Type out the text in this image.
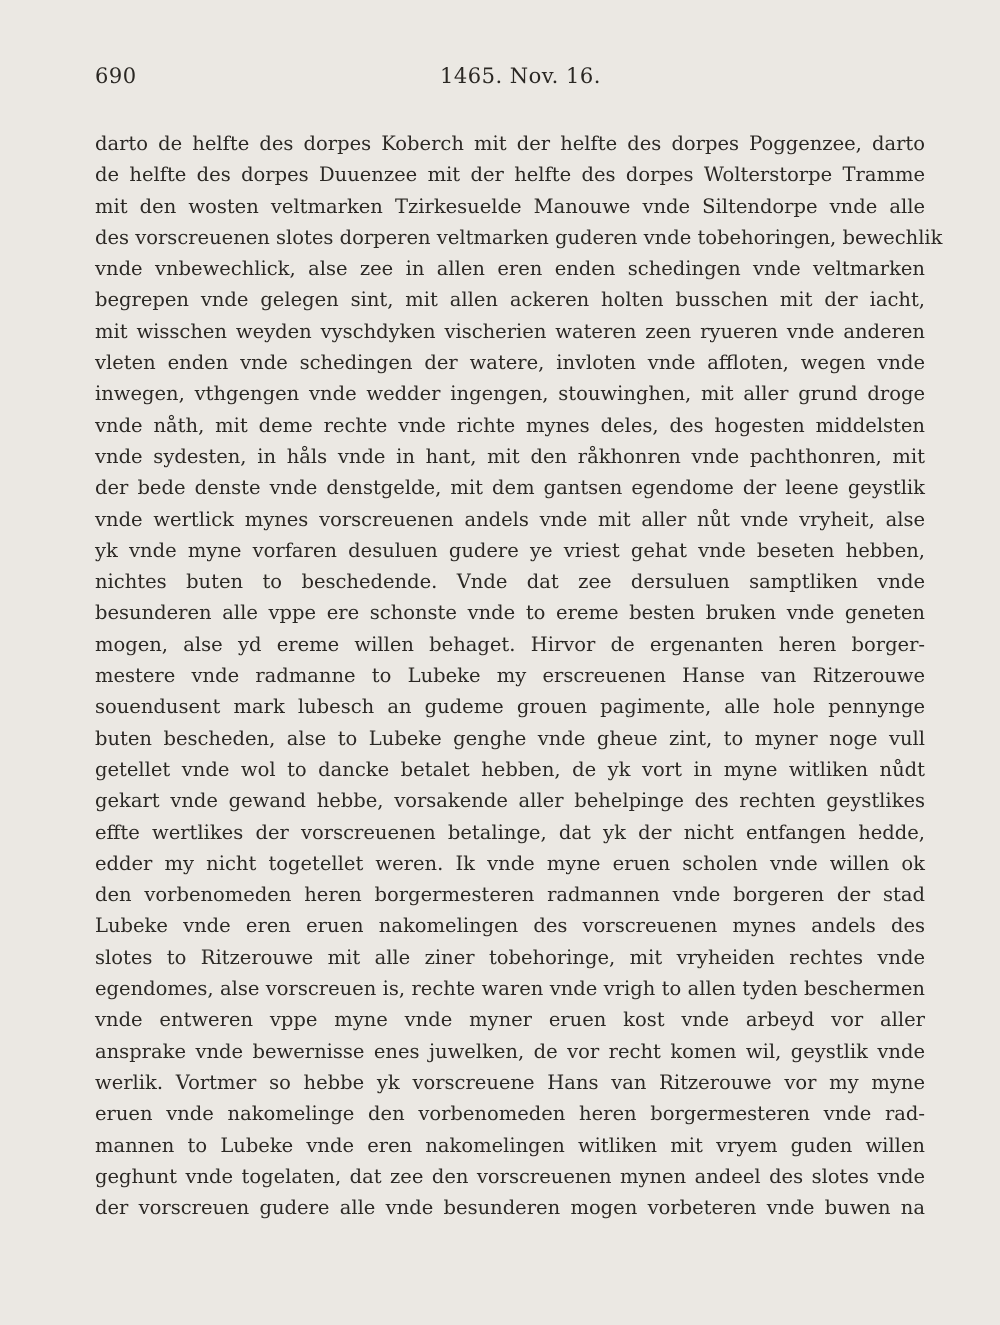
690	1465. Nov. 16.
darto de helfte des dorpes Koberch mit der helfte des dorpes Poggenzee, darto
de helfte des dorpes Duuenzee mit der helfte des dorpes Wolterstorpe Tramme
mit den wosten veltmarken Tzirkesuelde Manouwe vnde Siltendorpe vnde alle
des vorscreuenen slotes dorperen veltmarken guderen vnde tobehoringen, bewechlik
vnde vnbewechlick, alse zee in allen eren enden schedingen vnde veltmarken
begrepen vnde gelegen sint, mit allen ackeren holten busschen mit der iacht,
mit wisschen weyden vyschdyken vischerien wateren zeen ryueren vnde anderen
vleten enden vnde schedingen der watere, invloten vnde affloten, wegen vnde
inwegen, vthgengen vnde wedder ingengen, stouwinghen, mit aller grund droge
vnde nåth, mit deme rechte vnde richte mynes deles, des hogesten middelsten
vnde sydesten, in håls vnde in hant, mit den råkhonren vnde pachthonren, mit
der bede denste vnde denstgelde, mit dem gantsen egendome der leene geystlik
vnde wertlick mynes vorscreuenen andels vnde mit aller nůt vnde vryheit, alse
yk vnde myne vorfaren desuluen gudere ye vriest gehat vnde beseten hebben,
nichtes buten to beschedende. Vnde dat zee dersuluen samptliken vnde
besunderen alle vppe ere schonste vnde to ereme besten bruken vnde geneten
mogen, alse yd ereme willen behaget. Hirvor de ergenanten heren borger-
mestere vnde radmanne to Lubeke my erscreuenen Hanse van Ritzerouwe
souendusent mark lubesch an gudeme grouen pagimente, alle hole pennynge
buten bescheden, alse to Lubeke genghe vnde gheue zint, to myner noge vull
getellet vnde wol to dancke betalet hebben, de yk vort in myne witliken nůdt
gekart vnde gewand hebbe, vorsakende aller behelpinge des rechten geystlikes
effte wertlikes der vorscreuenen betalinge, dat yk der nicht entfangen hedde,
edder my nicht togetellet weren. Ik vnde myne eruen scholen vnde willen ok
den vorbenomeden heren borgermesteren radmannen vnde borgeren der stad
Lubeke vnde eren eruen nakomelingen des vorscreuenen mynes andels des
slotes to Ritzerouwe mit alle ziner tobehoringe, mit vryheiden rechtes vnde
egendomes, alse vorscreuen is, rechte waren vnde vrigh to allen tyden beschermen
vnde entweren vppe myne vnde myner eruen kost vnde arbeyd vor aller
ansprake vnde bewernisse enes juwelken, de vor recht komen wil, geystlik vnde
werlik. Vortmer so hebbe yk vorscreuene Hans van Ritzerouwe vor my myne
eruen vnde nakomelinge den vorbenomeden heren borgermesteren vnde rad-
mannen to Lubeke vnde eren nakomelingen witliken mit vryem guden willen
geghunt vnde togelaten, dat zee den vorscreuenen mynen andeel des slotes vnde
der vorscreuen gudere alle vnde besunderen mogen vorbeteren vnde buwen na
